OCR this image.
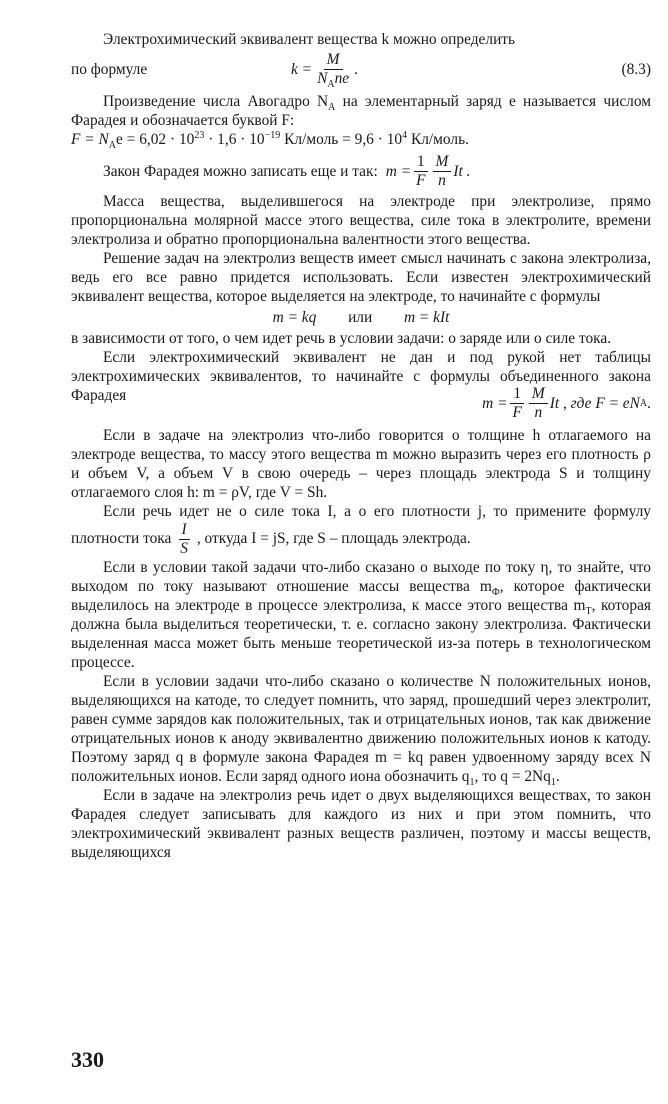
Электрохимический эквивалент вещества k можно определить

по формуле	$k = \frac{M}{N_Ane}$ .	(8.3)

Произведение числа Авогадро $N_A$ на элементарный заряд e называется числом Фарадея и обозначается буквой F:

$F = N_Ae = 6,02 \cdot 10^{23} \cdot 1,6 \cdot 10^{-19}$ Кл/моль = $9,6 \cdot 10^4$ Кл/моль.

Закон Фарадея можно записать еще и так: $m = \frac{1}{F} \frac{M}{n}$ It .

Масса вещества, выделившегося на электроде при электролизе, прямо пропорциональна молярной массе этого вещества, силе тока в электролите, времени электролиза и обратно пропорциональна валентности этого вещества.

Решение задач на электролиз веществ имеет смысл начинать с закона электролиза, ведь его все равно придется использовать. Если известен электрохимический эквивалент вещества, которое выделяется на электроде, то начинайте с формулы

m = kq или m = kIt

в зависимости от того, о чем идет речь в условии задачи: о заряде или о силе тока.

Если электрохимический эквивалент не дан и под рукой нет таблицы электрохимических эквивалентов, то начинайте с формулы объединенного закона Фарадея	$m = \frac{1}{F} \frac{M}{n}$ It , где F = eN A .

Если в задаче на электролиз что-либо говорится о толщине h отлагаемого на электроде вещества, то массу этого вещества m можно выразить через его плотность ρ и объем V, а объем V в свою очередь – через площадь электрода S и толщину отлагаемого слоя h: m = ρV, где V = Sh.

Если речь идет не о силе тока I, а о его плотности j, то примените формулу плотности тока $\frac{I}{S}$ , откуда I = jS, где S – площадь электрода.

Если в условии такой задачи что-либо сказано о выходе по току η, то знайте, что выходом по току называют отношение массы вещества $m_Ф$, которое фактически выделилось на электроде в процессе электролиза, к массе этого вещества $m_Т$, которая должна была выделиться теоретически, т. е. согласно закону электролиза. Фактически выделенная масса может быть меньше теоретической из-за потерь в технологическом процессе.

Если в условии задачи что-либо сказано о количестве N положительных ионов, выделяющихся на катоде, то следует помнить, что заряд, прошедший через электролит, равен сумме зарядов как положительных, так и отрицательных ионов, так как движение отрицательных ионов к аноду эквивалентно движению положительных ионов к катоду. Поэтому заряд q в формуле закона Фарадея m = kq равен удвоенному заряду всех N положительных ионов. Если заряд одного иона обозначить $q_1$, то $q = 2Nq_1$.

Если в задаче на электролиз речь идет о двух выделяющихся веществах, то закон Фарадея следует записывать для каждого из них и при этом помнить, что электрохимический эквивалент разных веществ различен, поэтому и массы веществ, выделяющихся

330
